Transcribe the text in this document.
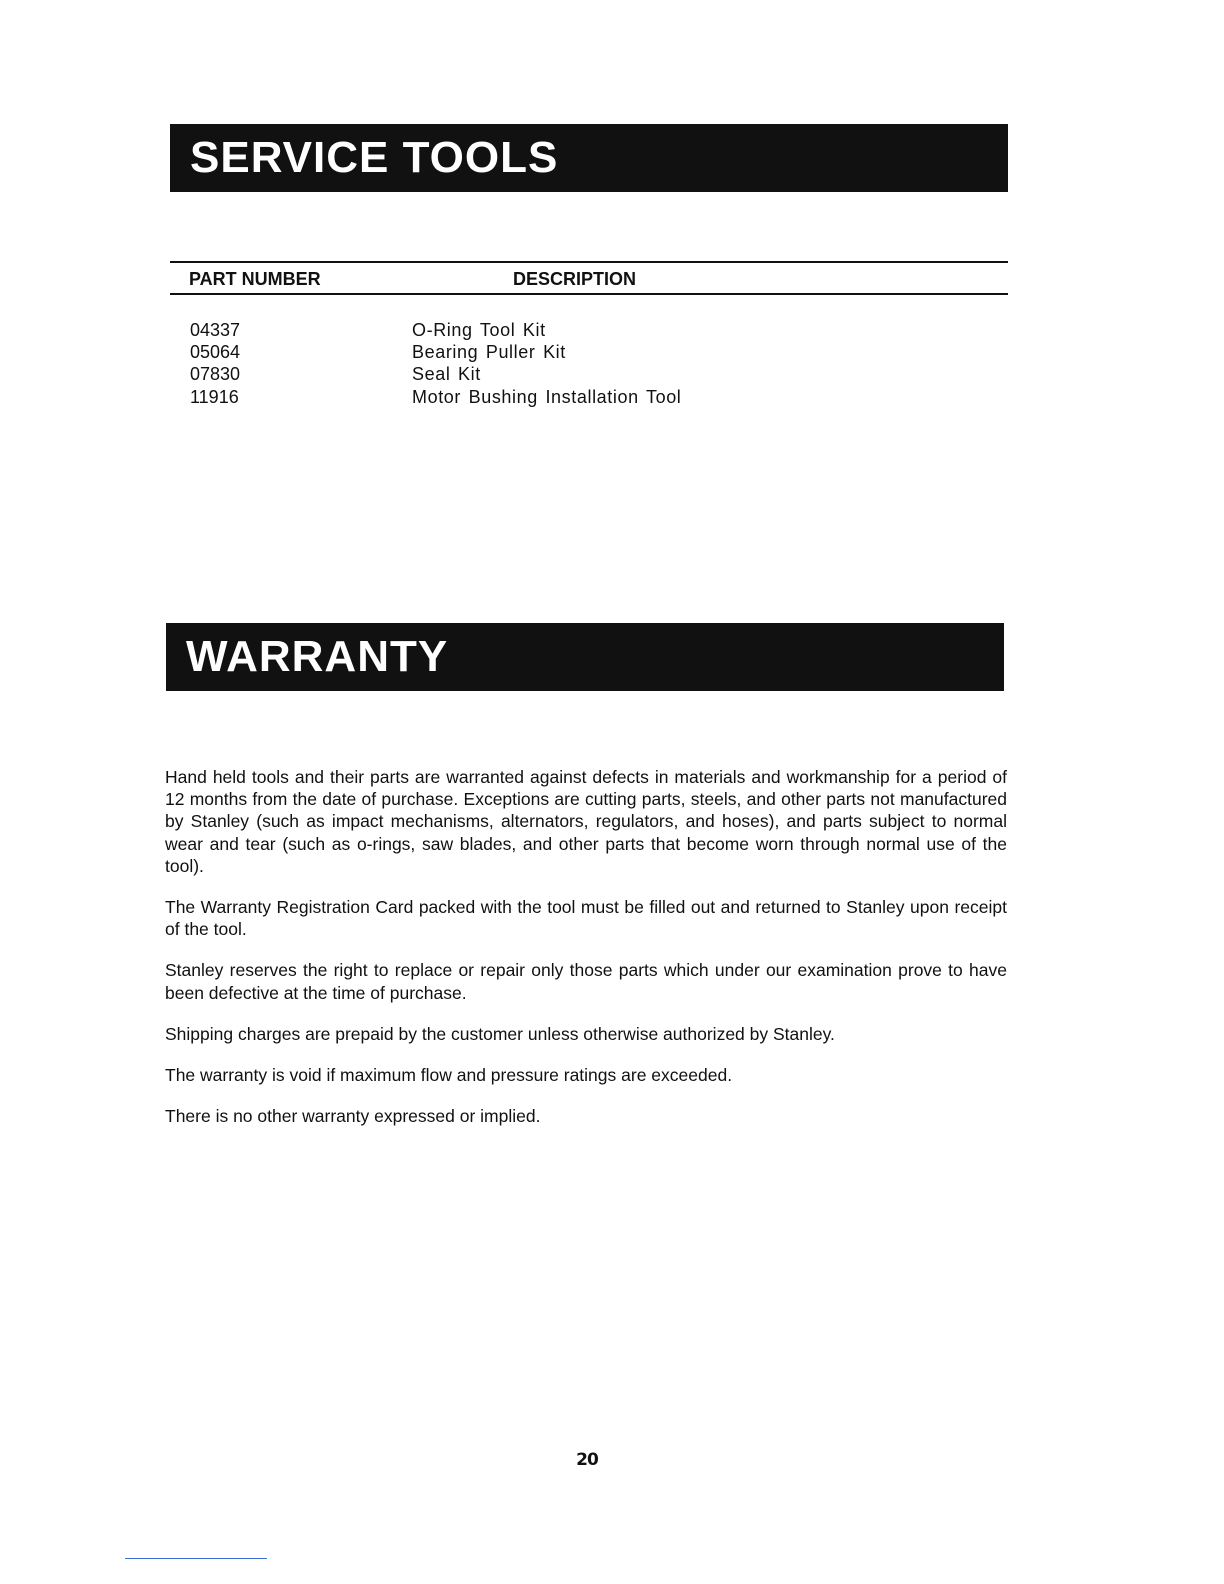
SERVICE TOOLS
PART NUMBER	DESCRIPTION
04337	O-Ring Tool Kit
05064	Bearing Puller Kit
07830	Seal Kit
11916	Motor Bushing Installation Tool
WARRANTY

Hand held tools and their parts are warranted against defects in materials and workmanship for a period of 12 months from the date of purchase. Exceptions are cutting parts, steels, and other parts not manufactured by Stanley (such as impact mechanisms, alternators, regulators, and hoses), and parts subject to normal wear and tear (such as o-rings, saw blades, and other parts that become worn through normal use of the tool).

The Warranty Registration Card packed with the tool must be filled out and returned to Stanley upon receipt of the tool.

Stanley reserves the right to replace or repair only those parts which under our examination prove to have been defective at the time of purchase.

Shipping charges are prepaid by the customer unless otherwise authorized by Stanley.

The warranty is void if maximum flow and pressure ratings are exceeded.

There is no other warranty expressed or implied.

20
